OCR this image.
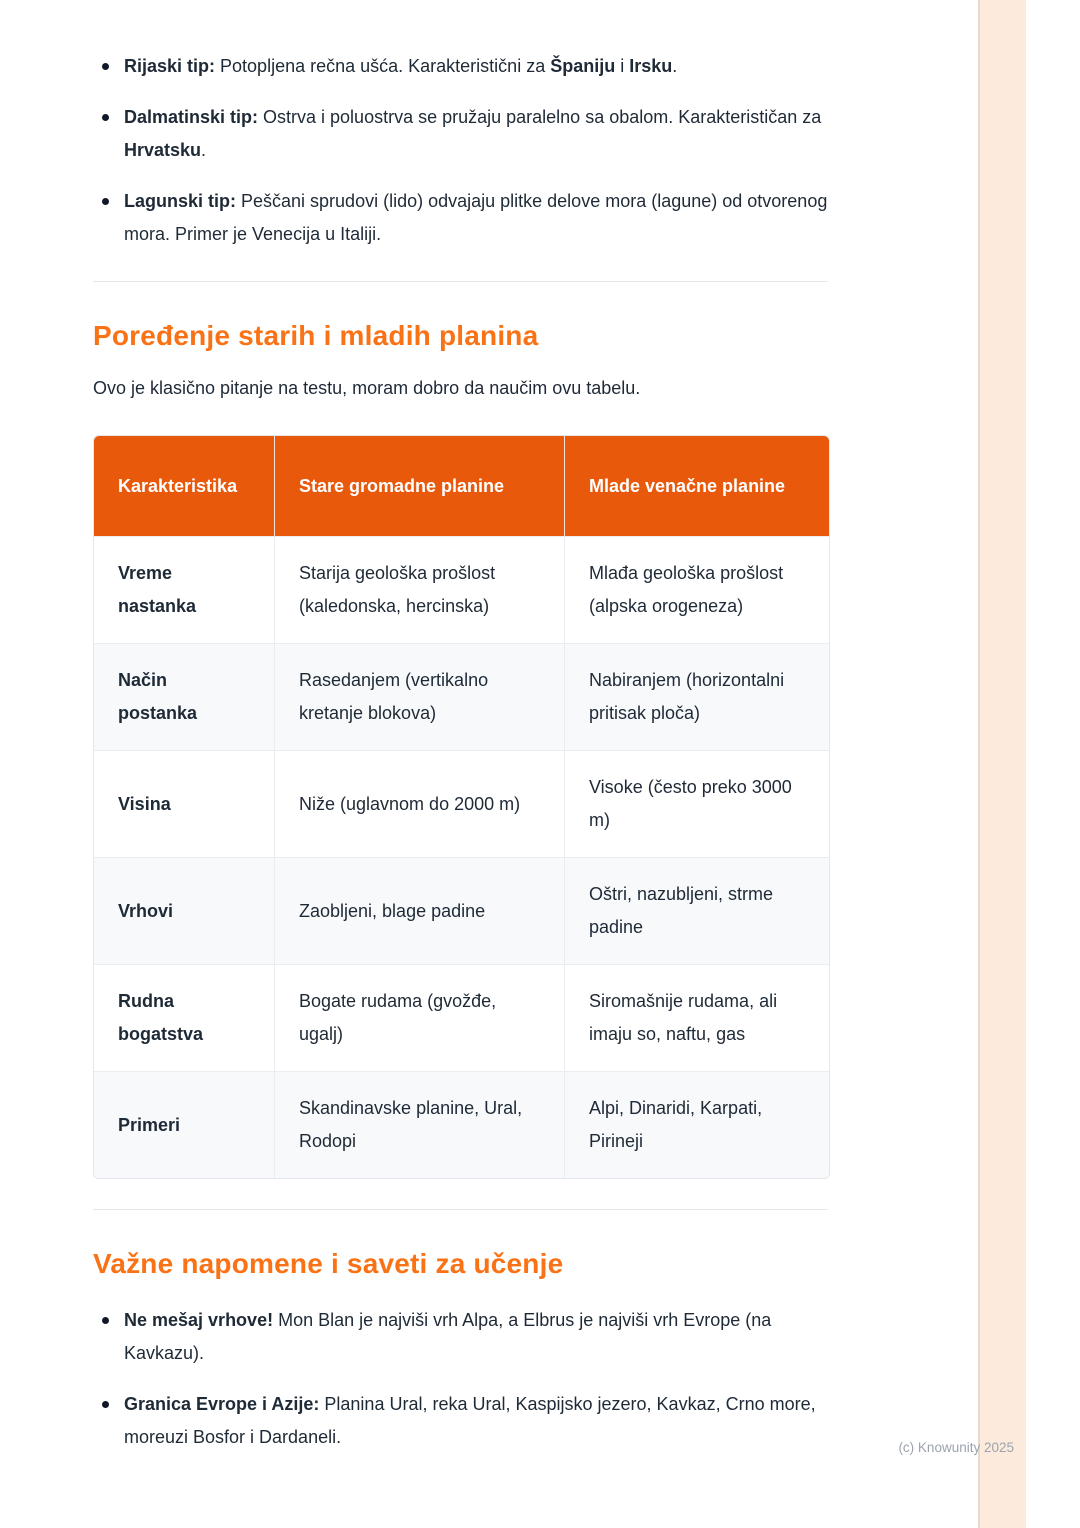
Rijaski tip: Potopljena rečna ušća. Karakteristični za Španiju i Irsku.
Dalmatinski tip: Ostrva i poluostrva se pružaju paralelno sa obalom. Karakterističan za Hrvatsku.
Lagunski tip: Peščani sprudovi (lido) odvajaju plitke delove mora (lagune) od otvorenog mora. Primer je Venecija u Italiji.
Poređenje starih i mladih planina

Ovo je klasično pitanje na testu, moram dobro da naučim ovu tabelu.

Karakteristika	Stare gromadne planine	Mlade venačne planine
Vreme nastanka	Starija geološka prošlost (kaledonska, hercinska)	Mlađa geološka prošlost (alpska orogeneza)
Način postanka	Rasedanjem (vertikalno kretanje blokova)	Nabiranjem (horizontalni pritisak ploča)
Visina	Niže (uglavnom do 2000 m)	Visoke (često preko 3000 m)
Vrhovi	Zaobljeni, blage padine	Oštri, nazubljeni, strme padine
Rudna bogatstva	Bogate rudama (gvožđe, ugalj)	Siromašnije rudama, ali imaju so, naftu, gas
Primeri	Skandinavske planine, Ural, Rodopi	Alpi, Dinaridi, Karpati, Pirineji
Važne napomene i saveti za učenje
Ne mešaj vrhove! Mon Blan je najviši vrh Alpa, a Elbrus je najviši vrh Evrope (na Kavkazu).
Granica Evrope i Azije: Planina Ural, reka Ural, Kaspijsko jezero, Kavkaz, Crno more, moreuzi Bosfor i Dardaneli.
(c) Knowunity 2025
